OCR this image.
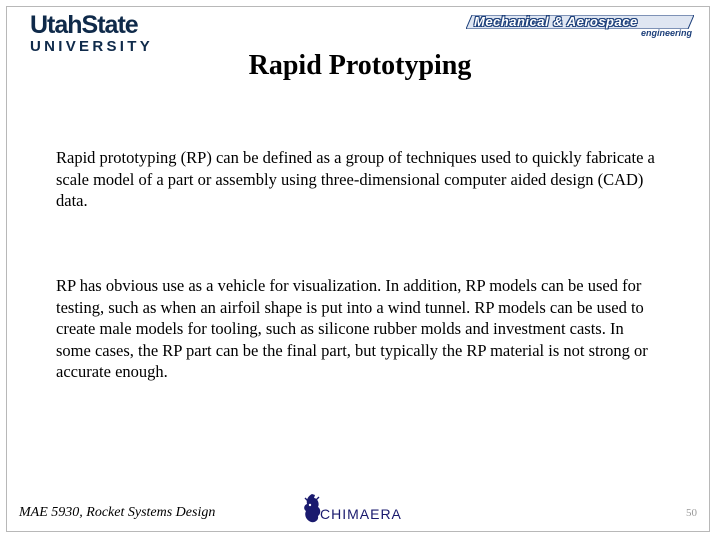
UtahState
UNIVERSITY
Mechanical & Aerospace
engineering
Rapid Prototyping
Rapid prototyping (RP) can be defined as a group of techniques used to quickly fabricate a scale model of a part or assembly using three-dimensional computer aided design (CAD) data.
RP has obvious use as a vehicle for visualization. In addition, RP models can be used for testing, such as when an airfoil shape is put into a wind tunnel. RP models can be used to create male models for tooling, such as silicone rubber molds and investment casts. In some cases, the RP part can be the final part, but typically the RP material is not strong or accurate enough.
MAE 5930, Rocket Systems Design	CHIMAERA	50
